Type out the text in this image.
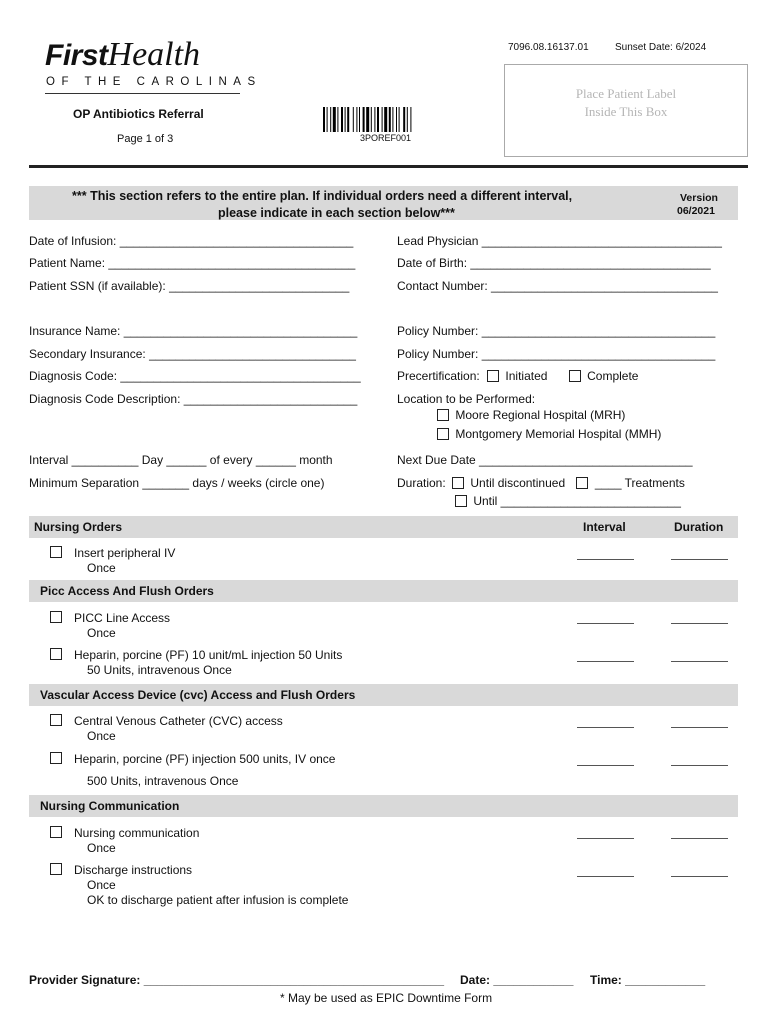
FirstHealth
OF THE CAROLINAS
7096.08.16137.01	Sunset Date: 6/2024
OP Antibiotics Referral
Page 1 of 3	3POREF001
Place Patient Label
Inside This Box
*** This section refers to the entire plan. If individual orders need a different interval,
please indicate in each section below***
Version
06/2021
Date of Infusion: ___________________________________	Lead Physician ____________________________________
Patient Name: _____________________________________	Date of Birth: ____________________________________
Patient SSN (if available): ___________________________	Contact Number: __________________________________
Insurance Name: ___________________________________	Policy Number: ___________________________________
Secondary Insurance: _______________________________	Policy Number: ___________________________________
Diagnosis Code: ____________________________________	Precertification: Initiated	Complete
Diagnosis Code Description: __________________________	Location to be Performed:
Moore Regional Hospital (MRH)
Montgomery Memorial Hospital (MMH)
Interval __________ Day ______ of every ______ month	Next Due Date ________________________________
Minimum Separation _______ days / weeks (circle one)	Duration: Until discontinued ____ Treatments
Until ___________________________
Nursing Orders	Interval	Duration
Insert peripheral IV
Once
Picc Access And Flush Orders
PICC Line Access
Once
Heparin, porcine (PF) 10 unit/mL injection 50 Units
50 Units, intravenous Once
Vascular Access Device (cvc) Access and Flush Orders
Central Venous Catheter (CVC) access
Once
Heparin, porcine (PF) injection 500 units, IV once
500 Units, intravenous Once
Nursing Communication
Nursing communication
Once
Discharge instructions
Once
OK to discharge patient after infusion is complete
Provider Signature: _____________________________________________ Date: ____________ Time: ____________
* May be used as EPIC Downtime Form
